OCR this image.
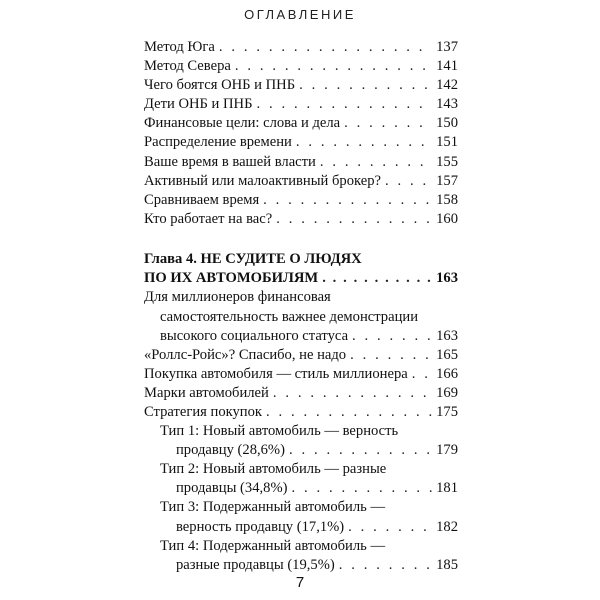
ОГЛАВЛЕНИЕ
Метод Юга . . .	137
Метод Севера . . .	141
Чего боятся ОНБ и ПНБ . . .	142
Дети ОНБ и ПНБ . . .	143
Финансовые цели: слова и дела . . .	150
Распределение времени . . .	151
Ваше время в вашей власти . . .	155
Активный или малоактивный брокер? . . .	157
Сравниваем время . . .	158
Кто работает на вас? . . .	160
Глава 4. НЕ СУДИТЕ О ЛЮДЯХ
ПО ИХ АВТОМОБИЛЯМ . . .	163
Для миллионеров финансовая
самостоятельность важнее демонстрации
высокого социального статуса . . .	163
«Роллс-Ройс»? Спасибо, не надо . . .	165
Покупка автомобиля — стиль миллионера . . . 166
Марки автомобилей . . .	169
Стратегия покупок . . .	175
Тип 1: Новый автомобиль — верность
продавцу (28,6%) . . .	179
Тип 2: Новый автомобиль — разные
продавцы (34,8%) . . .	181
Тип 3: Подержанный автомобиль —
верность продавцу (17,1%) . . .	182
Тип 4: Подержанный автомобиль —
разные продавцы (19,5%) . . .	185
7
